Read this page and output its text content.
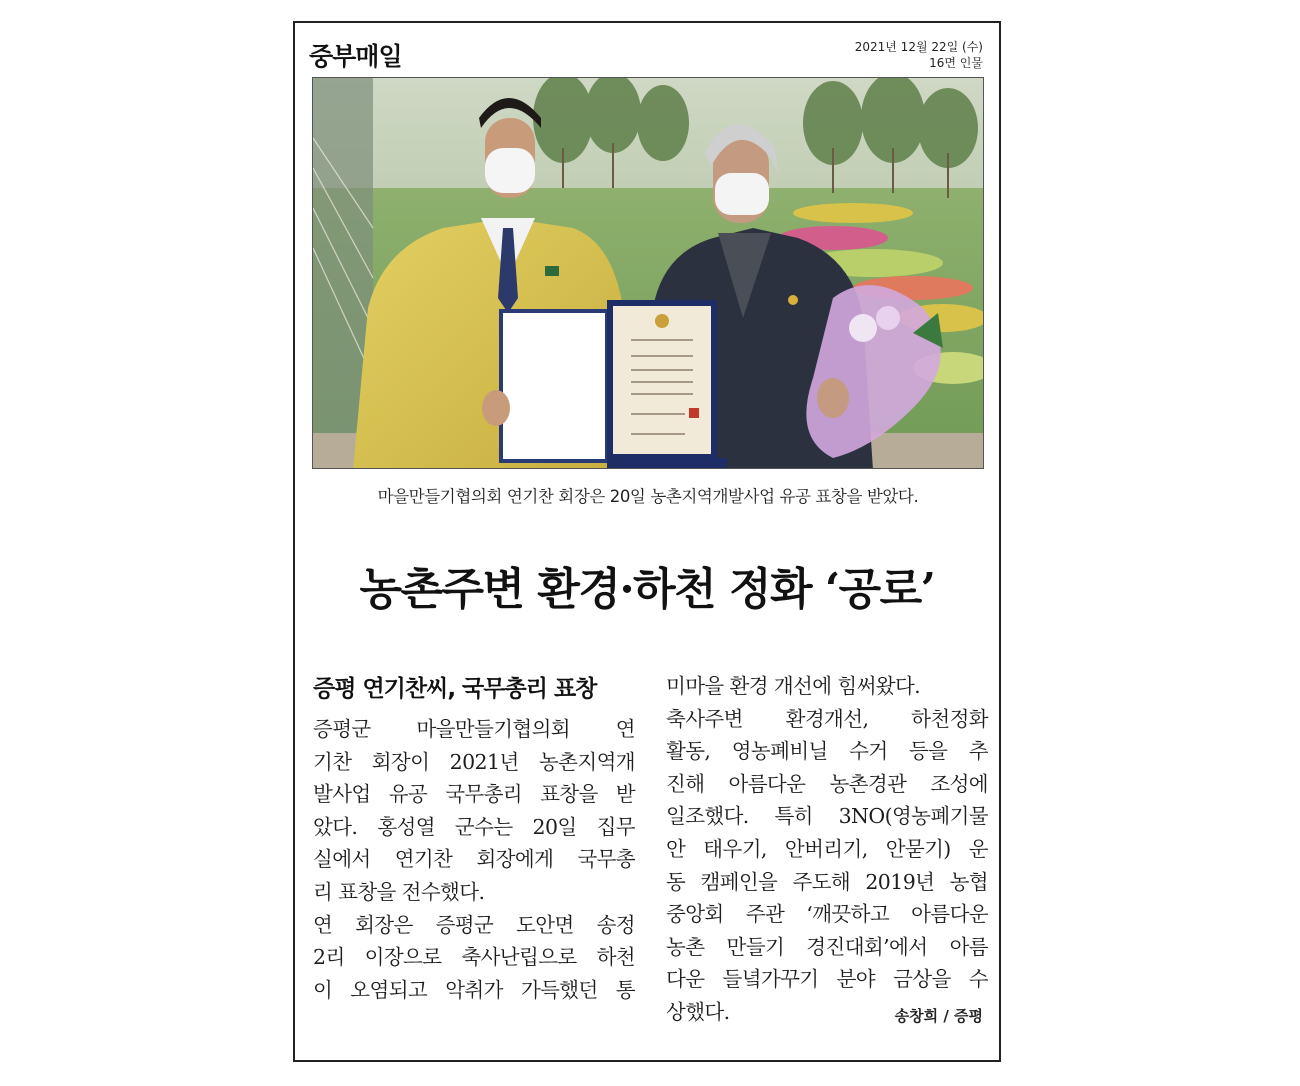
중부매일	2021년 12월 22일 (수)
16면 인물
마을만들기협의회 연기찬 회장은 20일 농촌지역개발사업 유공 표창을 받았다.
농촌주변 환경·하천 정화 ‘공로’
증평 연기찬씨, 국무총리 표창
증평군 마을만들기협의회 연
기찬 회장이 2021년 농촌지역개
발사업 유공 국무총리 표창을 받
았다. 홍성열 군수는 20일 집무
실에서 연기찬 회장에게 국무총
리 표창을 전수했다.
연 회장은 증평군 도안면 송정
2리 이장으로 축사난립으로 하천
이 오염되고 악취가 가득했던 통
미마을 환경 개선에 힘써왔다.
축사주변 환경개선, 하천정화
활동, 영농폐비닐 수거 등을 추
진해 아름다운 농촌경관 조성에
일조했다. 특히 3NO(영농폐기물
안 태우기, 안버리기, 안묻기) 운
동 캠페인을 주도해 2019년 농협
중앙회 주관 ‘깨끗하고 아름다운
농촌 만들기 경진대회’에서 아름
다운 들녘가꾸기 분야 금상을 수
상했다.	송창희 / 증평
